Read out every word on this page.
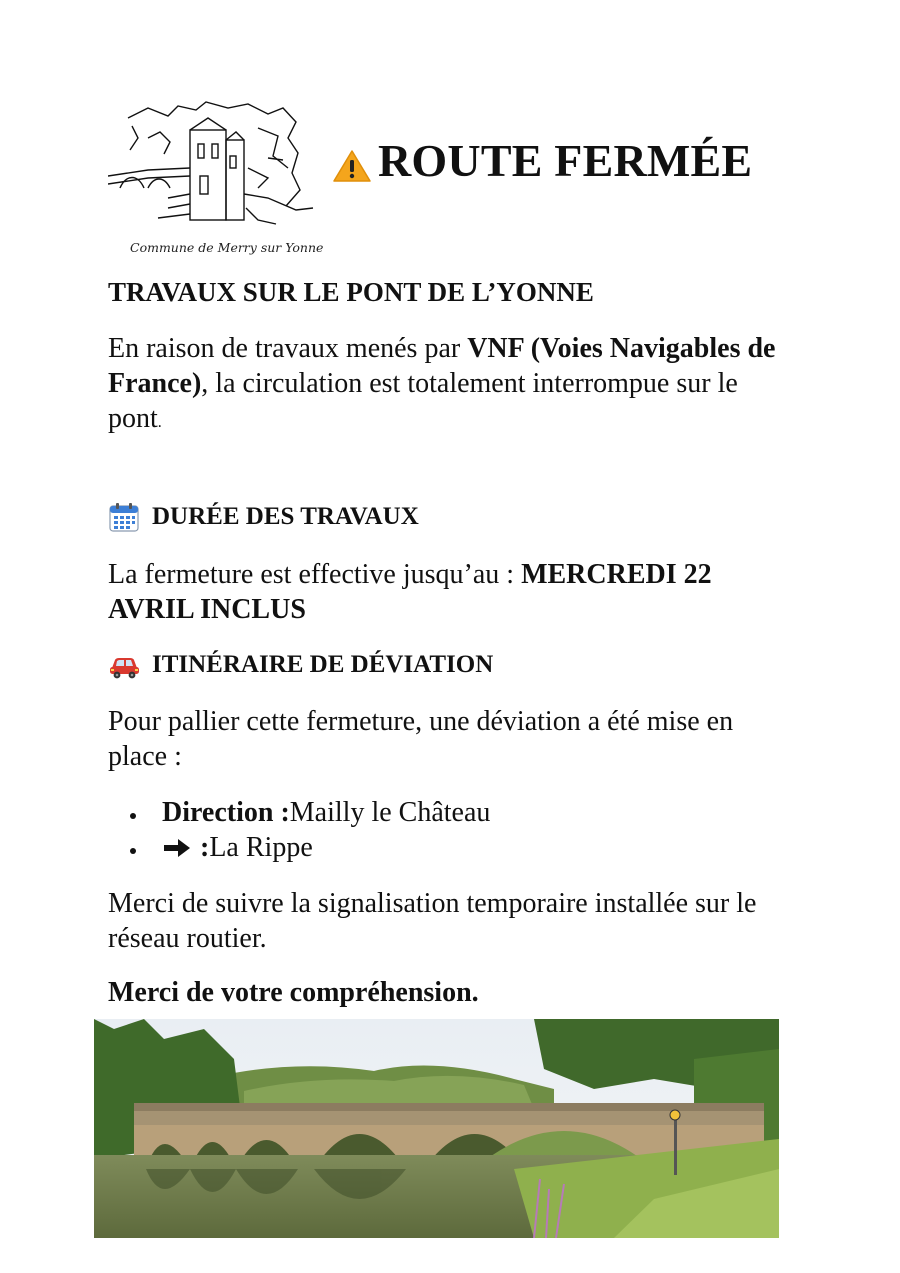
Commune de Merry sur Yonne
ROUTE FERMÉE
TRAVAUX SUR LE PONT DE L’YONNE
En raison de travaux menés par VNF (Voies Navigables de France), la circulation est totalement interrompue sur le pont.
DURÉE DES TRAVAUX
La fermeture est effective jusqu’au : MERCREDI 22 AVRIL INCLUS
ITINÉRAIRE DE DÉVIATION
Pour pallier cette fermeture, une déviation a été mise en place :
Direction : Mailly le Château
: La Rippe
Merci de suivre la signalisation temporaire installée sur le réseau routier.
Merci de votre compréhension.
